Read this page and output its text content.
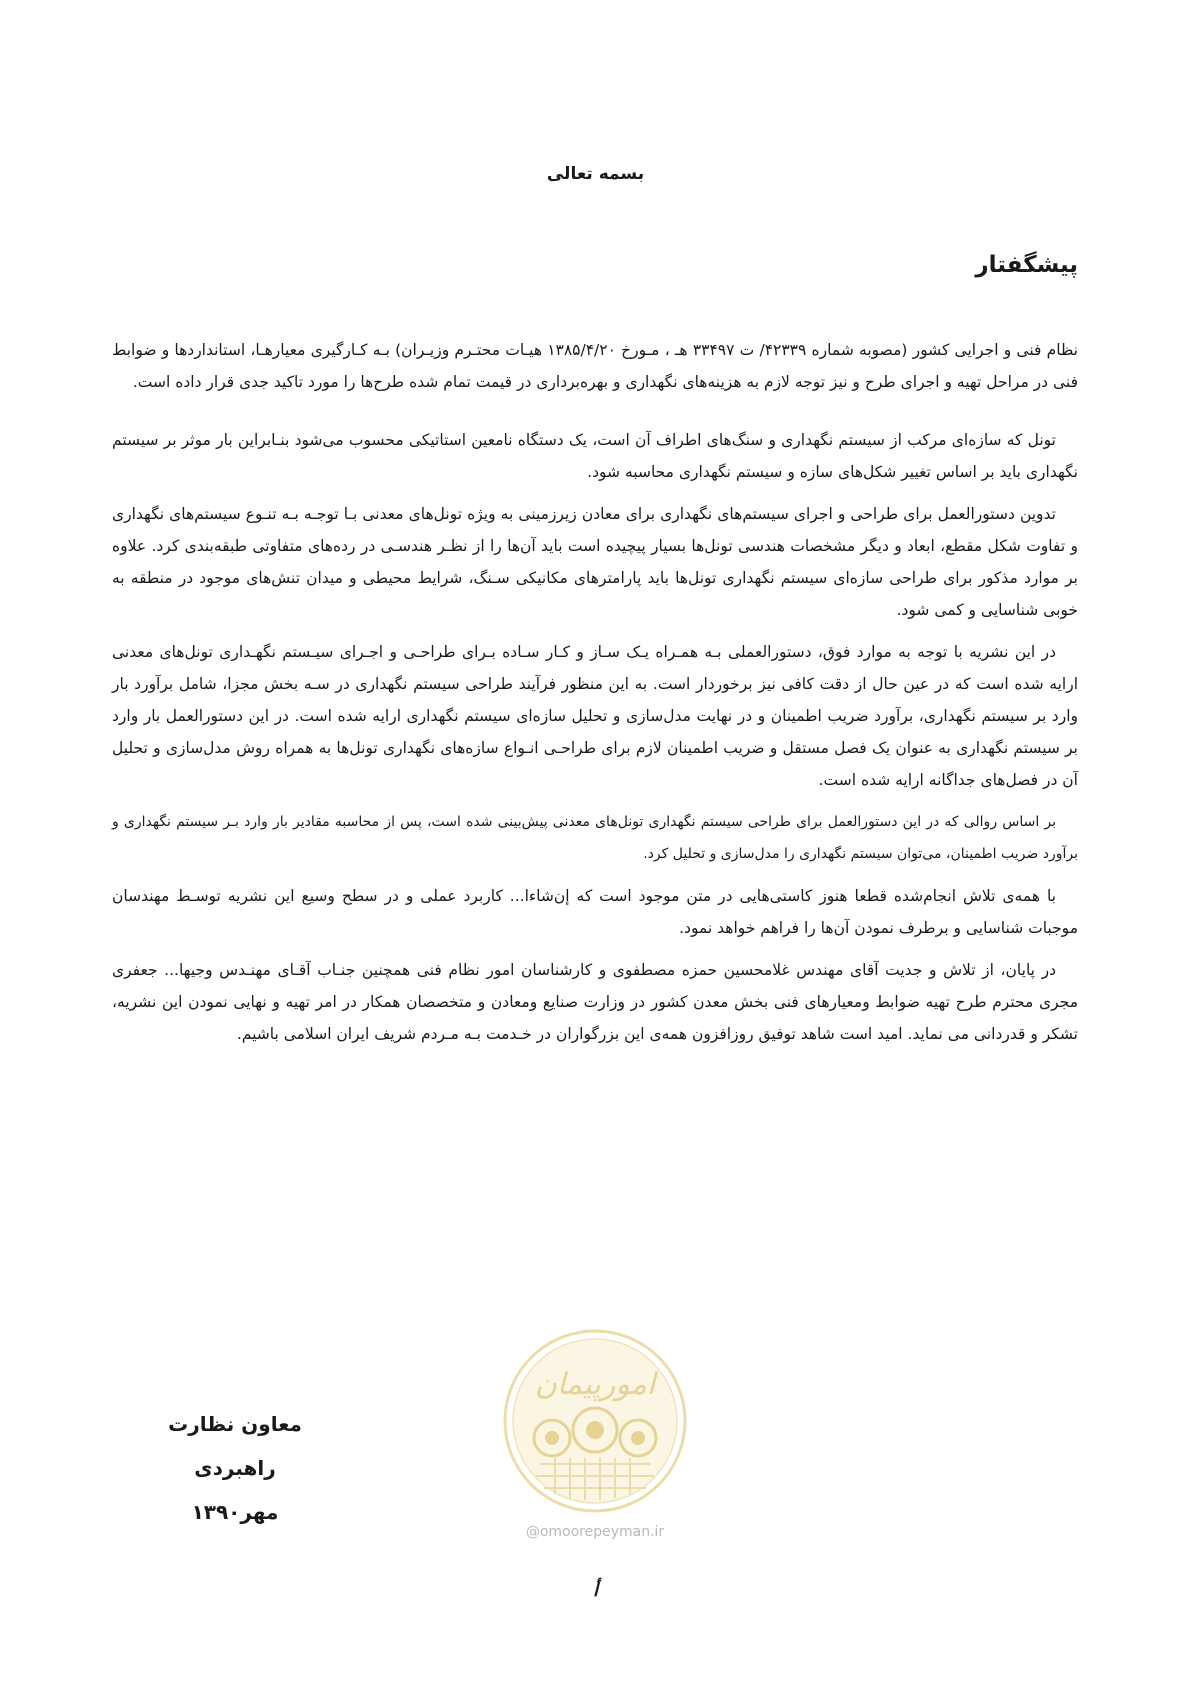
بسمه تعالی
پیشگفتار

نظام فنی و اجرایی کشور (مصوبه شماره ۴۲۳۳۹/ ت ۳۳۴۹۷ هـ ، مـورخ ۱۳۸۵/۴/۲۰ هیـات محتـرم وزیـران) بـه کـارگیری معیارهـا، استانداردها و ضوابط فنی در مراحل تهیه و اجرای طرح و نیز توجه لازم به هزینه‌های نگهداری و بهره‌برداری در قیمت تمام شده طرح‌ها را مورد تاکید جدی قرار داده است.

تونل که سازه‌ای مرکب از سیستم نگهداری و سنگ‌های اطراف آن است، یک دستگاه نامعین استاتیکی محسوب می‌شود بنـابراین بار موثر بر سیستم نگهداری باید بر اساس تغییر شکل‌های سازه و سیستم نگهداری محاسبه شود.

تدوین دستورالعمل برای طراحی و اجرای سیستم‌های نگهداری برای معادن زیرزمینی به ویژه تونل‌های معدنی بـا توجـه بـه تنـوع سیستم‌های نگهداری و تفاوت شکل مقطع، ابعاد و دیگر مشخصات هندسی تونل‌ها بسیار پیچیده است باید آن‌ها را از نظـر هندسـی در رده‌های متفاوتی طبقه‌بندی کرد. علاوه بر موارد مذکور برای طراحی سازه‌ای سیستم نگهداری تونل‌ها باید پارامترهای مکانیکی سـنگ، شرایط محیطی و میدان تنش‌های موجود در منطقه به خوبی شناسایی و کمی شود.

در این نشریه با توجه به موارد فوق، دستورالعملی بـه همـراه یـک سـاز و کـار سـاده بـرای طراحـی و اجـرای سیـستم نگهـداری تونل‌های معدنی ارایه شده است که در عین حال از دقت کافی نیز برخوردار است. به این منظور فرآیند طراحی سیستم نگهداری در سـه بخش مجزا، شامل برآورد بار وارد بر سیستم نگهداری، برآورد ضریب اطمینان و در نهایت مدل‌سازی و تحلیل سازه‌ای سیستم نگهداری ارایه شده است. در این دستورالعمل بار وارد بر سیستم نگهداری به عنوان یک فصل مستقل و ضریب اطمینان لازم برای طراحـی انـواع سازه‌های نگهداری تونل‌ها به همراه روش مدل‌سازی و تحلیل آن در فصل‌های جداگانه ارایه شده است.

بر اساس روالی که در این دستورالعمل برای طراحی سیستم نگهداری تونل‌های معدنی پیش‌بینی شده است، پس از محاسبه مقادیر بار وارد بـر سیستم نگهداری و برآورد ضریب اطمینان، می‌توان سیستم نگهداری را مدل‌سازی و تحلیل کرد.

با همه‌ی تلاش انجام‌شده قطعا هنوز کاستی‌هایی در متن موجود است که إن‌شاءا... کاربرد عملی و در سطح وسیع این نشریه توسـط مهندسان موجبات شناسایی و برطرف نمودن آن‌ها را فراهم خواهد نمود.

در پایان، از تلاش و جدیت آقای مهندس غلامحسین حمزه مصطفوی و کارشناسان امور نظام فنی همچنین جنـاب آقـای مهنـدس وجیها... جعفری مجری محترم طرح تهیه ضوابط ومعیارهای فنی بخش معدن کشور در وزارت صنایع ومعادن و متخصصان همکار در امر تهیه و نهایی نمودن این نشریه، تشکر و قدردانی می نماید. امید است شاهد توفیق روزافزون همه‌ی این بزرگواران در خـدمت بـه مـردم شریف ایران اسلامی باشیم.

معاون نظارت راهبردی
مهر۱۳۹۰
امورپیمان
@omoorepeyman.ir
أ
